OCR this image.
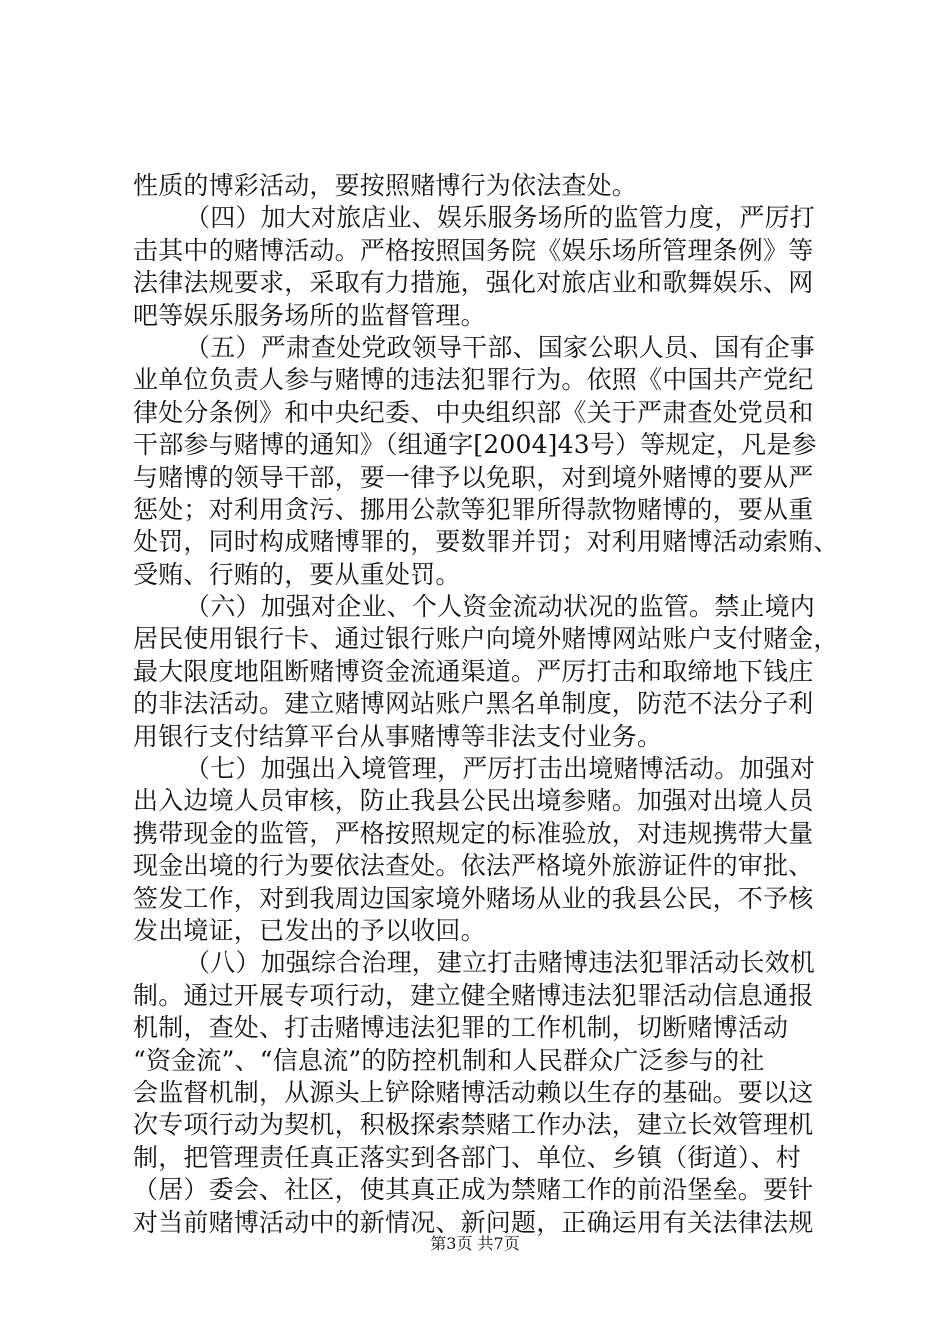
性质的博彩活动，要按照赌博行为依法查处。
（四）加大对旅店业、娱乐服务场所的监管力度，严厉打
击其中的赌博活动。严格按照国务院《娱乐场所管理条例》等
法律法规要求，采取有力措施，强化对旅店业和歌舞娱乐、网
吧等娱乐服务场所的监督管理。
（五）严肃查处党政领导干部、国家公职人员、国有企事
业单位负责人参与赌博的违法犯罪行为。依照《中国共产党纪
律处分条例》和中央纪委、中央组织部《关于严肃查处党员和
干部参与赌博的通知》（组通字[2004]43号）等规定，凡是参
与赌博的领导干部，要一律予以免职，对到境外赌博的要从严
惩处；对利用贪污、挪用公款等犯罪所得款物赌博的，要从重
处罚，同时构成赌博罪的，要数罪并罚；对利用赌博活动索贿、
受贿、行贿的，要从重处罚。
（六）加强对企业、个人资金流动状况的监管。禁止境内
居民使用银行卡、通过银行账户向境外赌博网站账户支付赌金，
最大限度地阻断赌博资金流通渠道。严厉打击和取缔地下钱庄
的非法活动。建立赌博网站账户黑名单制度，防范不法分子利
用银行支付结算平台从事赌博等非法支付业务。
（七）加强出入境管理，严厉打击出境赌博活动。加强对
出入边境人员审核，防止我县公民出境参赌。加强对出境人员
携带现金的监管，严格按照规定的标准验放，对违规携带大量
现金出境的行为要依法查处。依法严格境外旅游证件的审批、
签发工作，对到我周边国家境外赌场从业的我县公民，不予核
发出境证，已发出的予以收回。
（八）加强综合治理，建立打击赌博违法犯罪活动长效机
制。通过开展专项行动，建立健全赌博违法犯罪活动信息通报
机制，查处、打击赌博违法犯罪的工作机制，切断赌博活动
“资金流”、“信息流”的防控机制和人民群众广泛参与的社
会监督机制，从源头上铲除赌博活动赖以生存的基础。要以这
次专项行动为契机，积极探索禁赌工作办法，建立长效管理机
制，把管理责任真正落实到各部门、单位、乡镇（街道）、村
（居）委会、社区，使其真正成为禁赌工作的前沿堡垒。要针
对当前赌博活动中的新情况、新问题，正确运用有关法律法规
第3页 共7页
